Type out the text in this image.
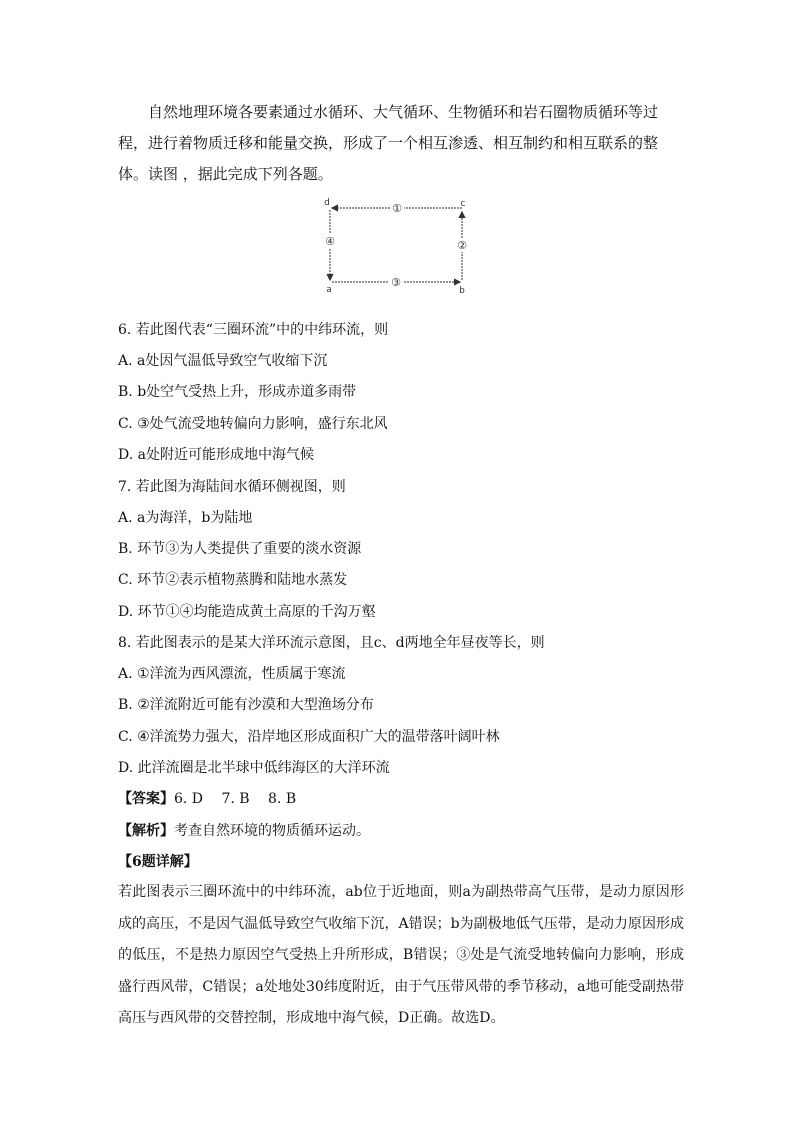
自然地理环境各要素通过水循环、大气循环、生物循环和岩石圈物质循环等过程，进行着物质迁移和能量交换，形成了一个相互渗透、相互制约和相互联系的整体。读图 ，据此完成下列各题。

①
②
③
④
d	c
a	b

6. 若此图代表“三圈环流”中的中纬环流，则

A. a处因气温低导致空气收缩下沉

B. b处空气受热上升，形成赤道多雨带

C. ③处气流受地转偏向力影响，盛行东北风

D. a处附近可能形成地中海气候

7. 若此图为海陆间水循环侧视图，则

A. a为海洋，b为陆地

B. 环节③为人类提供了重要的淡水资源

C. 环节②表示植物蒸腾和陆地水蒸发

D. 环节①④均能造成黄土高原的千沟万壑

8. 若此图表示的是某大洋环流示意图，且c、d两地全年昼夜等长，则

A. ①洋流为西风漂流，性质属于寒流

B. ②洋流附近可能有沙漠和大型渔场分布

C. ④洋流势力强大，沿岸地区形成面积广大的温带落叶阔叶林

D. 此洋流圈是北半球中低纬海区的大洋环流

【答案】6. D　 7. B　 8. B

【解析】考查自然环境的物质循环运动。

【6题详解】

若此图表示三圈环流中的中纬环流，ab位于近地面，则a为副热带高气压带，是动力原因形成的高压，不是因气温低导致空气收缩下沉，A错误；b为副极地低气压带，是动力原因形成的低压，不是热力原因空气受热上升所形成，B错误；③处是气流受地转偏向力影响，形成盛行西风带，C错误；a处地处30纬度附近，由于气压带风带的季节移动，a地可能受副热带高压与西风带的交替控制，形成地中海气候，D正确。故选D。
